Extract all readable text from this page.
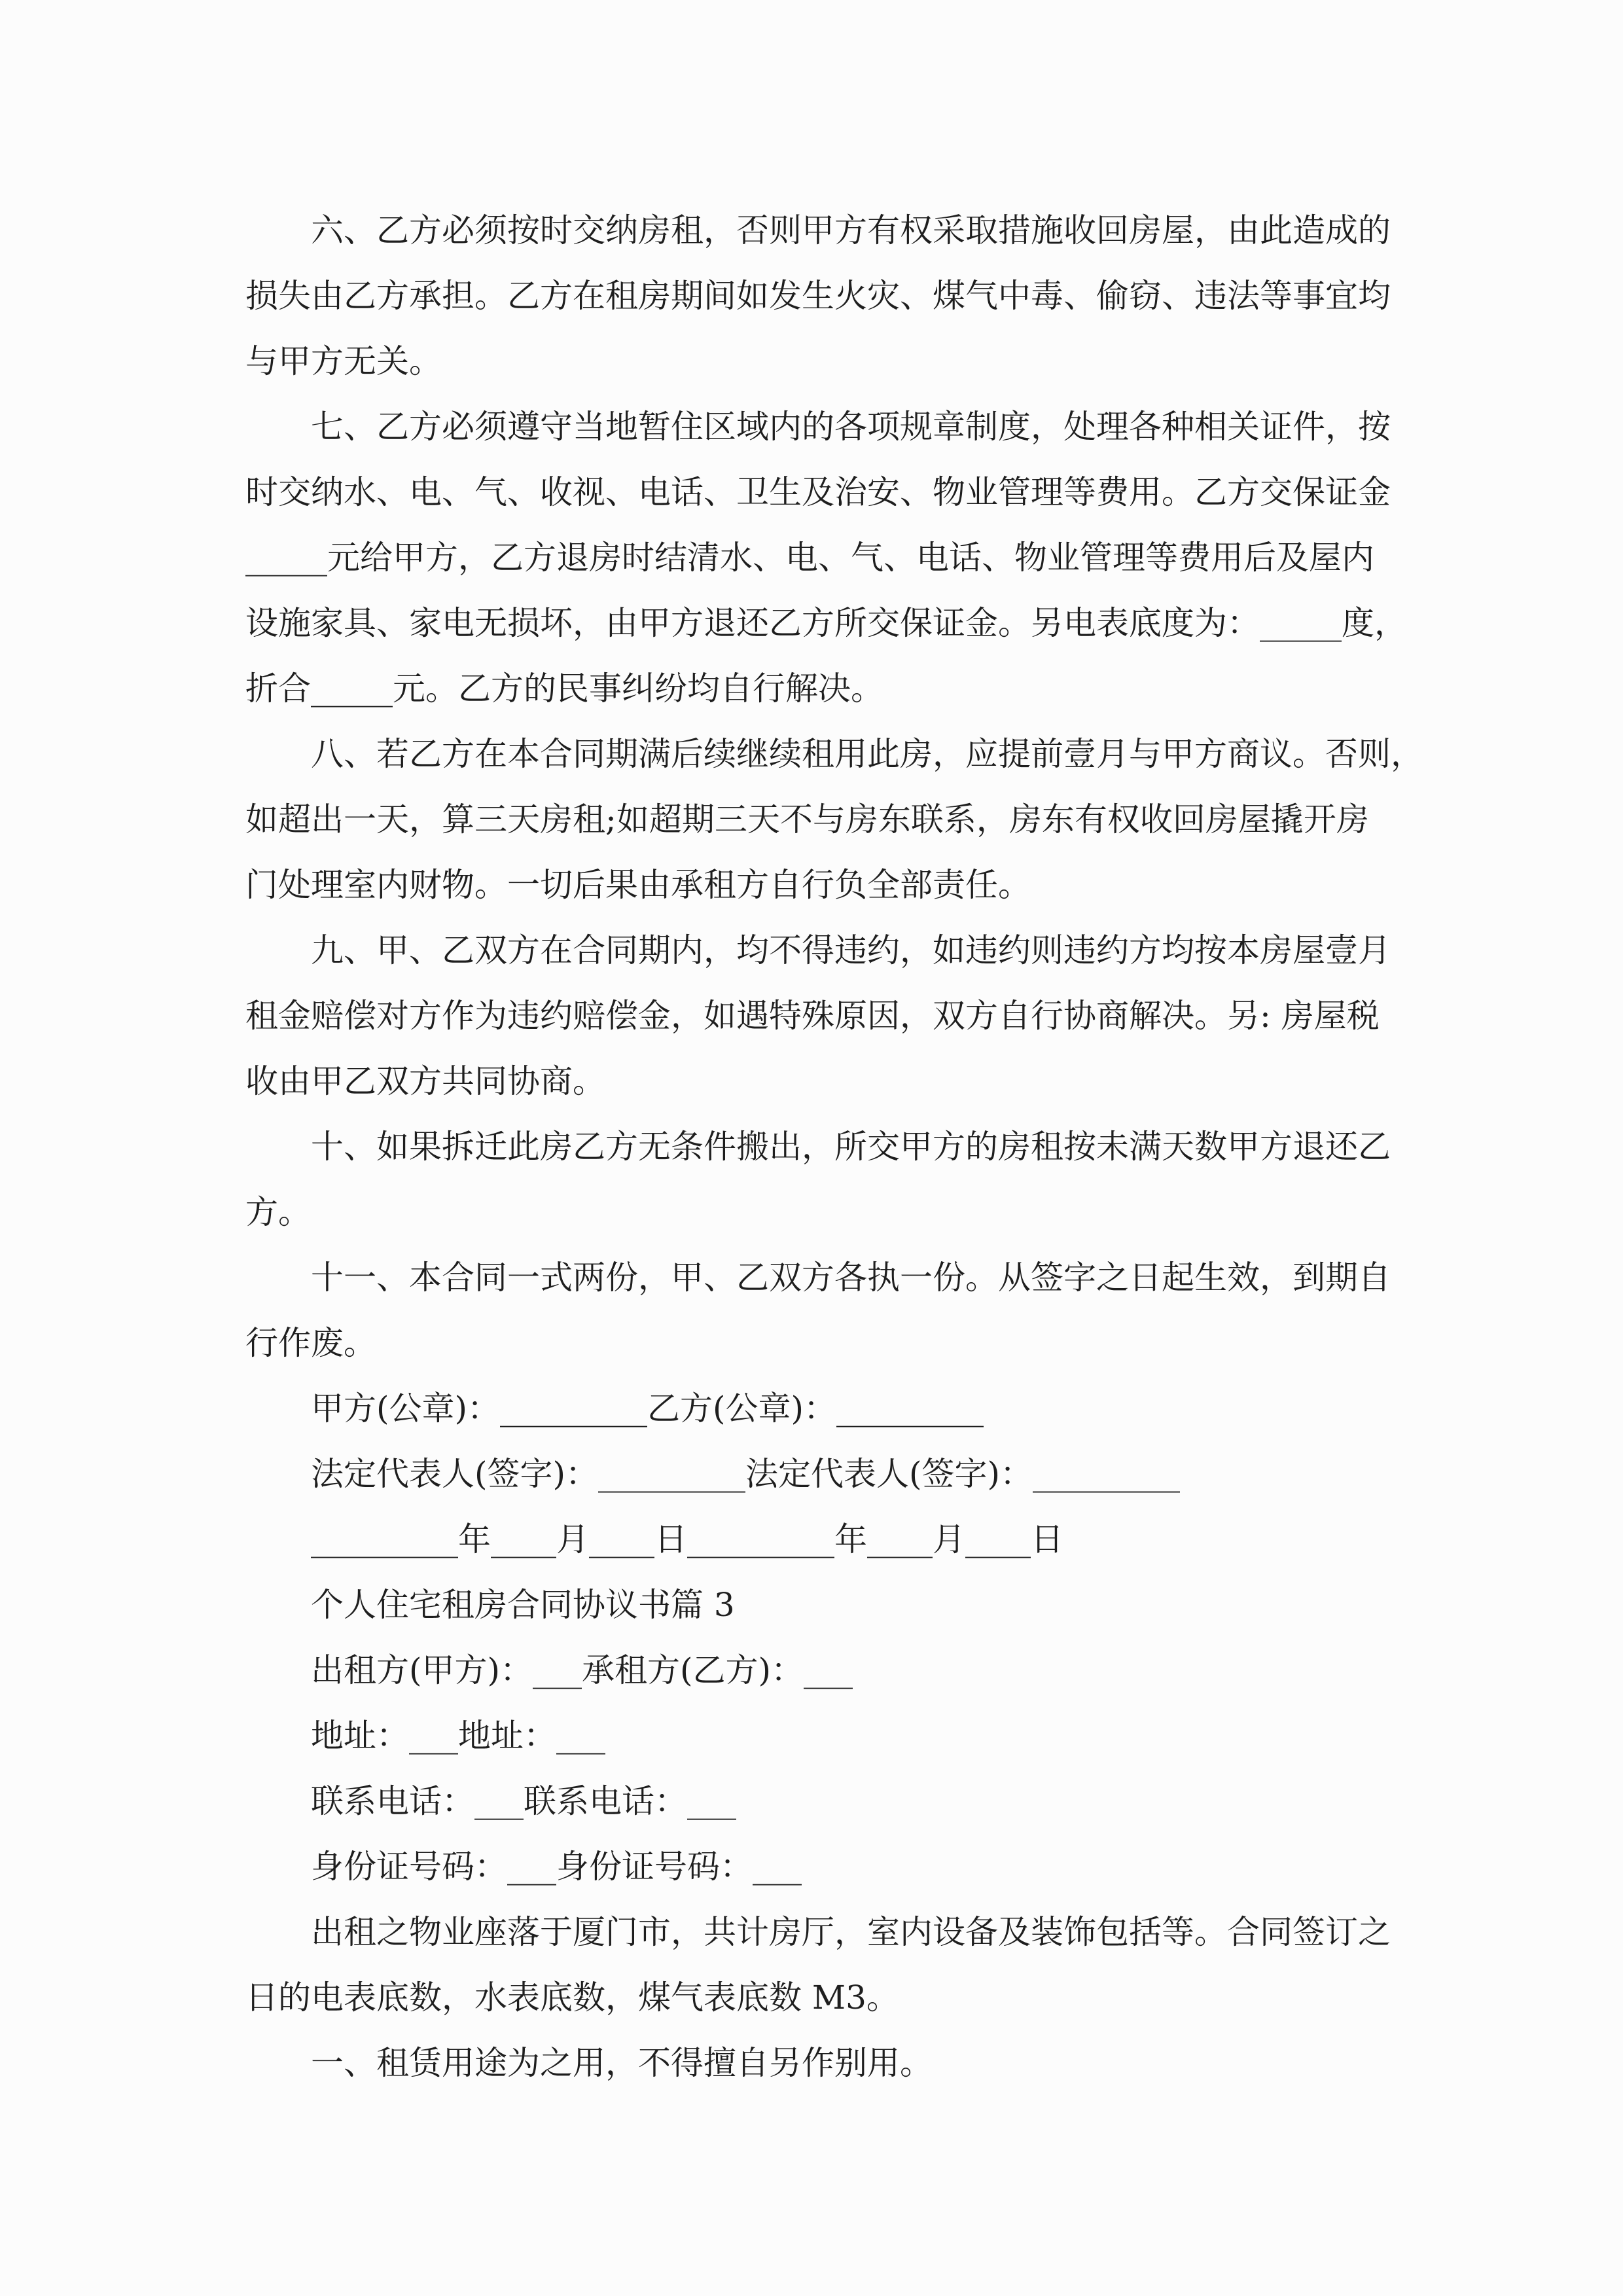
六、乙方必须按时交纳房租，否则甲方有权采取措施收回房屋，由此造成的
损失由乙方承担。乙方在租房期间如发生火灾、煤气中毒、偷窃、违法等事宜均
与甲方无关。
七、乙方必须遵守当地暂住区域内的各项规章制度，处理各种相关证件，按
时交纳水、电、气、收视、电话、卫生及治安、物业管理等费用。乙方交保证金
_____元给甲方，乙方退房时结清水、电、气、电话、物业管理等费用后及屋内
设施家具、家电无损坏，由甲方退还乙方所交保证金。另电表底度为：_____度，
折合_____元。乙方的民事纠纷均自行解决。
八、若乙方在本合同期满后续继续租用此房，应提前壹月与甲方商议。否则，
如超出一天，算三天房租;如超期三天不与房东联系，房东有权收回房屋撬开房
门处理室内财物。一切后果由承租方自行负全部责任。
九、甲、乙双方在合同期内，均不得违约，如违约则违约方均按本房屋壹月
租金赔偿对方作为违约赔偿金，如遇特殊原因，双方自行协商解决。另: 房屋税
收由甲乙双方共同协商。
十、如果拆迁此房乙方无条件搬出，所交甲方的房租按未满天数甲方退还乙
方。
十一、本合同一式两份，甲、乙双方各执一份。从签字之日起生效，到期自
行作废。
甲方(公章)：_________乙方(公章)：_________
法定代表人(签字)：_________法定代表人(签字)：_________
_________年____月____日_________年____月____日
个人住宅租房合同协议书篇 3
出租方(甲方)：___承租方(乙方)：___
地址：___地址：___
联系电话：___联系电话：___
身份证号码：___身份证号码：___
出租之物业座落于厦门市，共计房厅，室内设备及装饰包括等。合同签订之
日的电表底数，水表底数，煤气表底数 M3。
一、租赁用途为之用，不得擅自另作别用。
